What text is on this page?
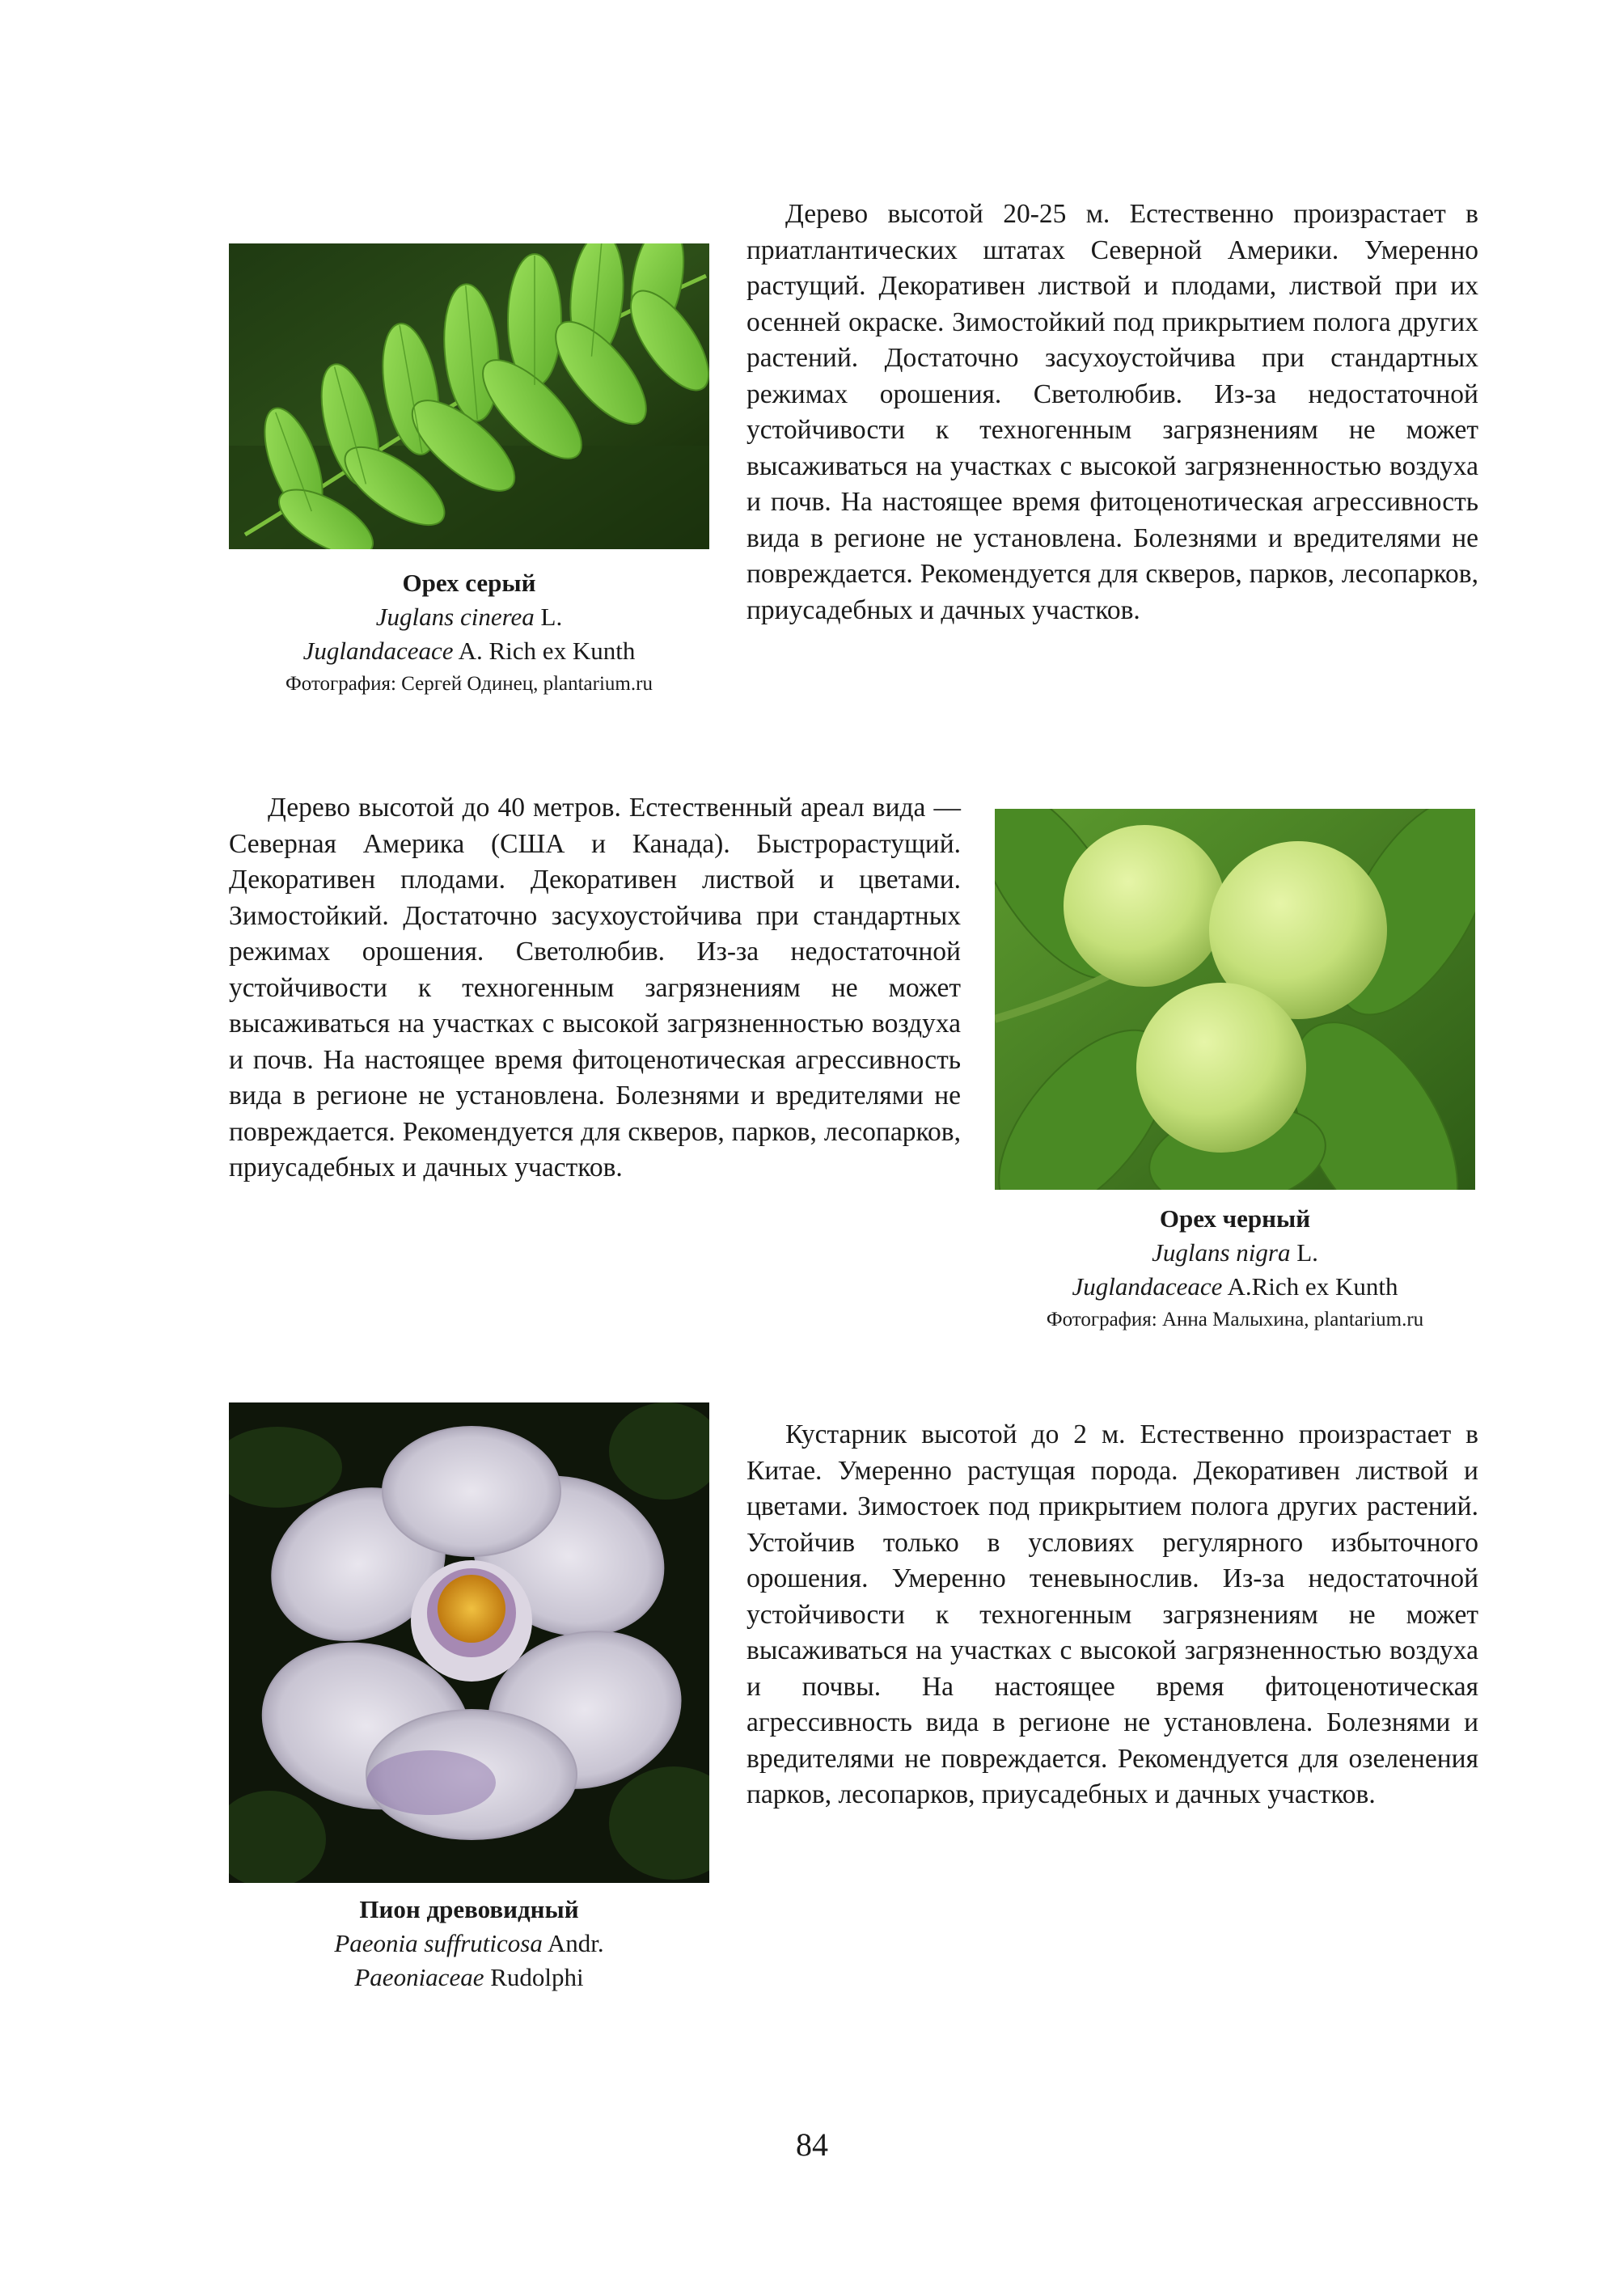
Орех серый
Juglans cinerea L.
Juglandaceace A. Rich ex Kunth
Фотография: Сергей Одинец, plantarium.ru

Дерево высотой 20-25 м. Естественно произрастает в приатлантических штатах Северной Америки. Умеренно растущий. Декоративен листвой и плодами, листвой при их осенней окраске. Зимостойкий под прикрытием полога других растений. Достаточно засухоустойчива при стандартных режимах орошения. Светолюбив. Из-за недостаточной устойчивости к техногенным загрязнениям не может высаживаться на участках с высокой загрязненностью воздуха и почв. На настоящее время фитоценотическая агрессивность вида в регионе не установлена. Болезнями и вредителями не повреждается. Рекомендуется для скверов, парков, лесопарков, приусадебных и дачных участков.

Дерево высотой до 40 метров. Естественный ареал вида — Северная Америка (США и Канада). Быстрорастущий. Декоративен плодами. Декоративен листвой и цветами. Зимостойкий. Достаточно засухоустойчива при стандартных режимах орошения. Светолюбив. Из-за недостаточной устойчивости к техногенным загрязнениям не может высаживаться на участках с высокой загрязненностью воздуха и почв. На настоящее время фитоценотическая агрессивность вида в регионе не установлена. Болезнями и вредителями не повреждается. Рекомендуется для скверов, парков, лесопарков, приусадебных и дачных участков.

Орех черный
Juglans nigra L.
Juglandaceace A.Rich ex Kunth
Фотография: Анна Малыхина, plantarium.ru
Пион древовидный
Paeonia suffruticosa Andr.
Paeoniaceae Rudolphi

Кустарник высотой до 2 м. Естественно произрастает в Китае. Умеренно растущая порода. Декоративен листвой и цветами. Зимостоек под прикрытием полога других растений. Устойчив только в условиях регулярного избыточного орошения. Умеренно теневынослив. Из-за недостаточной устойчивости к техногенным загрязнениям не может высаживаться на участках с высокой загрязненностью воздуха и почвы. На настоящее время фитоценотическая агрессивность вида в регионе не установлена. Болезнями и вредителями не повреждается. Рекомендуется для озеленения парков, лесопарков, приусадебных и дачных участков.

84
